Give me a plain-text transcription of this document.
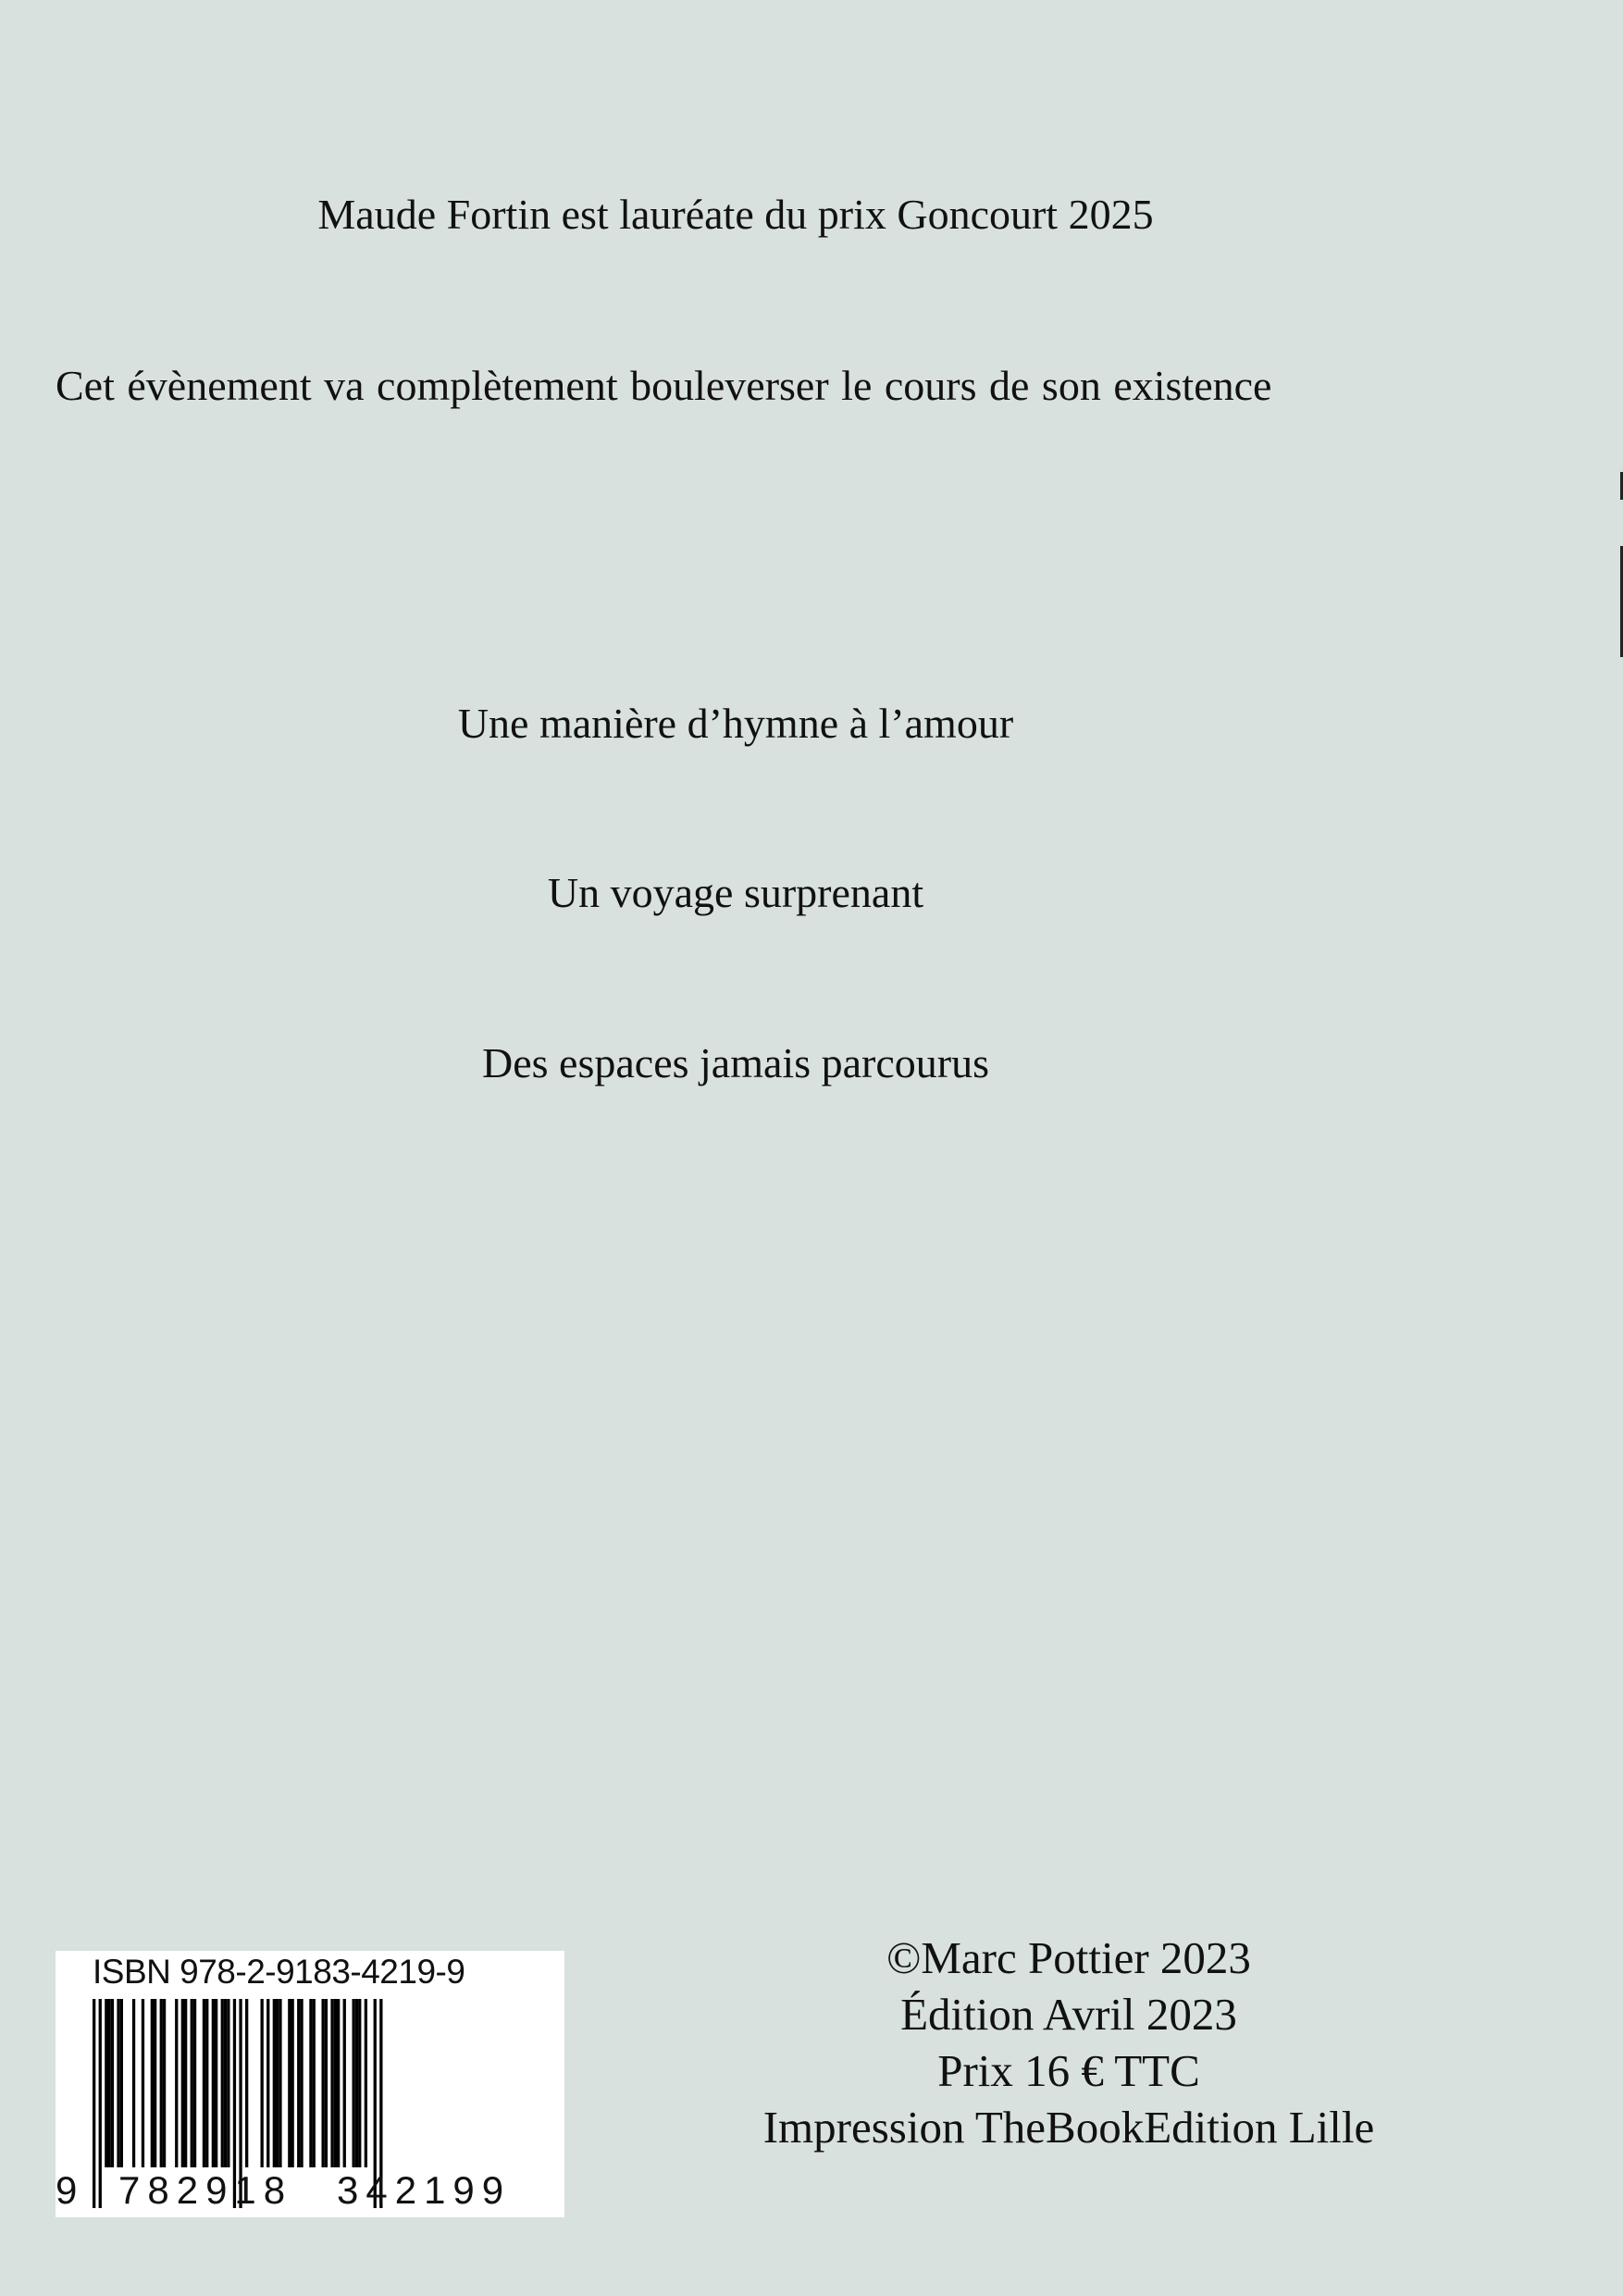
Maude Fortin est lauréate du prix Goncourt 2025
Cet évènement va complètement bouleverser le cours de son existence
Une manière d’hymne à l’amour
Un voyage surprenant
Des espaces jamais parcourus
ISBN 978-2-9183-4219-9
9 782918 342199
©Marc Pottier 2023
Édition Avril 2023
Prix 16 € TTC
Impression TheBookEdition Lille
